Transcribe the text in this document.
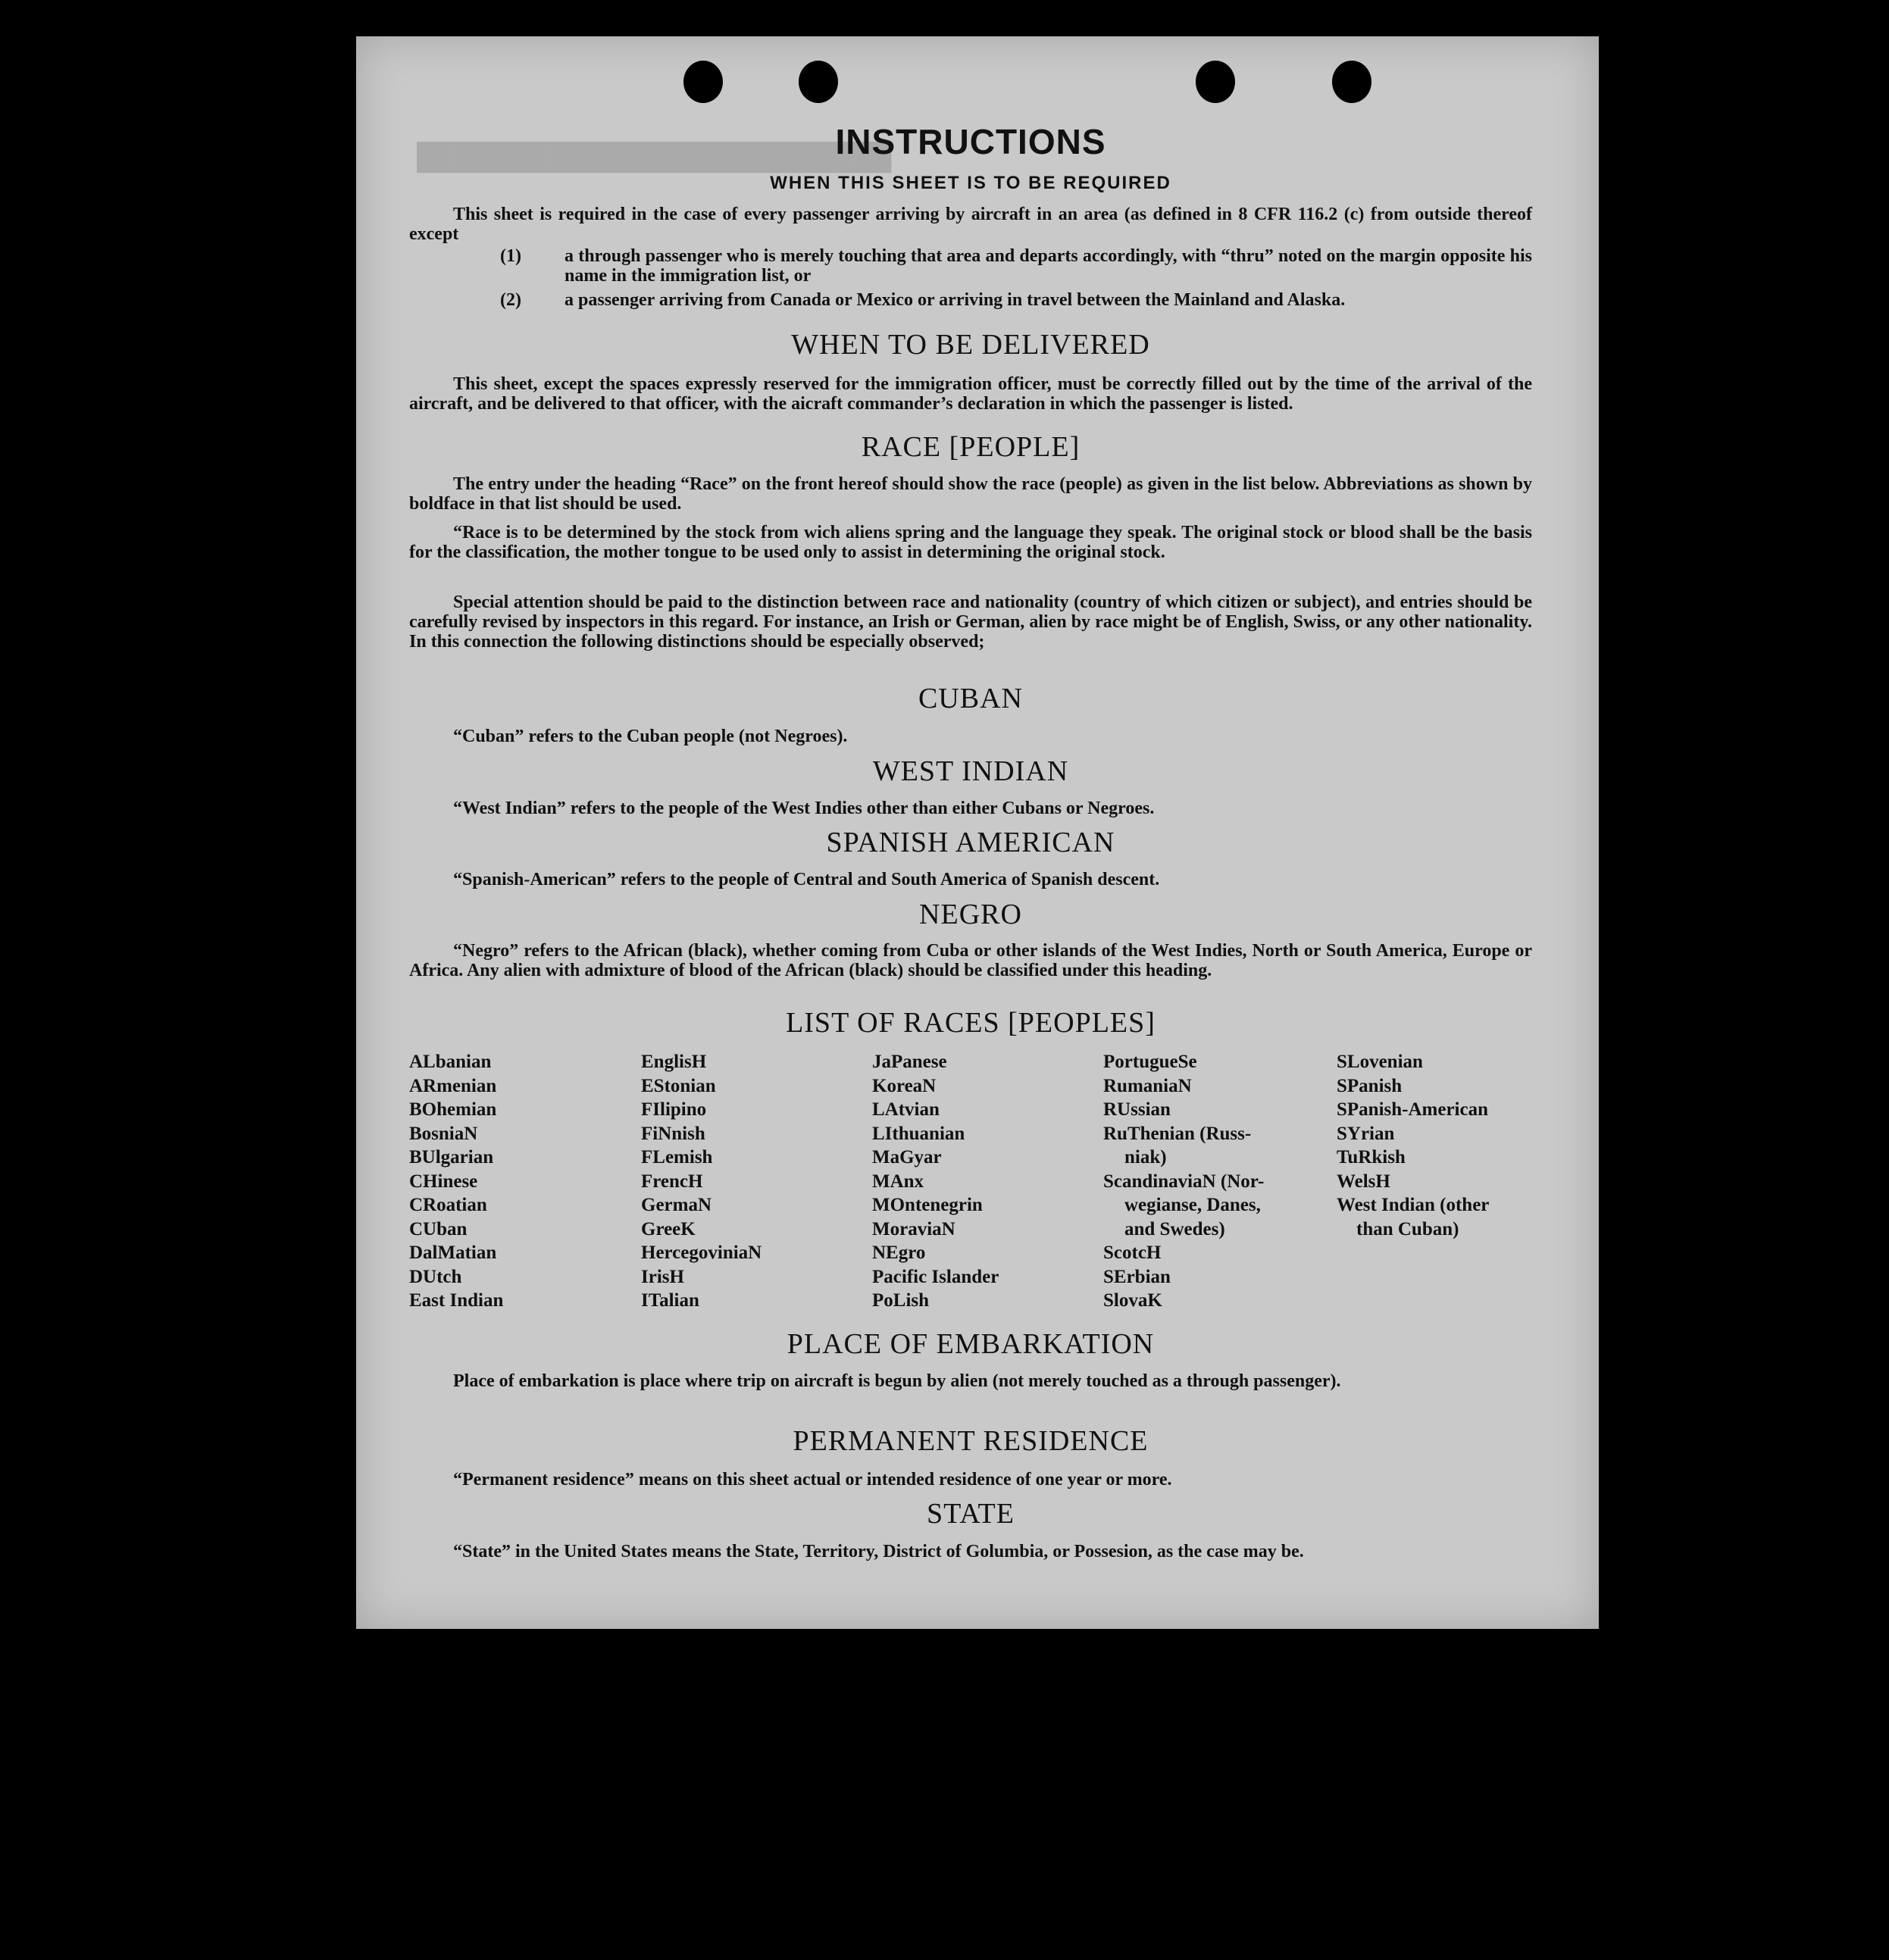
██████████████████████████
INSTRUCTIONS
WHEN THIS SHEET IS TO BE REQUIRED

This sheet is required in the case of every passenger arriving by aircraft in an area (as defined in 8 CFR 116.2 (c) from outside thereof except

(1) a through passenger who is merely touching that area and departs accordingly, with “thru” noted on the margin opposite his name in the immigration list, or
(2) a passenger arriving from Canada or Mexico or arriving in travel between the Mainland and Alaska.
WHEN TO BE DELIVERED

This sheet, except the spaces expressly reserved for the immigration officer, must be correctly filled out by the time of the arrival of the aircraft, and be delivered to that officer, with the aicraft commander’s declaration in which the passenger is listed.

RACE [PEOPLE]

The entry under the heading “Race” on the front hereof should show the race (people) as given in the list below. Abbreviations as shown by boldface in that list should be used.

“Race is to be determined by the stock from wich aliens spring and the language they speak. The original stock or blood shall be the basis for the classification, the mother tongue to be used only to assist in determining the original stock.

Special attention should be paid to the distinction between race and nationality (country of which citizen or subject), and entries should be carefully revised by inspectors in this regard. For instance, an Irish or German, alien by race might be of English, Swiss, or any other nationality. In this connection the following distinctions should be especially observed;

CUBAN

“Cuban” refers to the Cuban people (not Negroes).

WEST INDIAN

“West Indian” refers to the people of the West Indies other than either Cubans or Negroes.

SPANISH AMERICAN

“Spanish-American” refers to the people of Central and South America of Spanish descent.

NEGRO

“Negro” refers to the African (black), whether coming from Cuba or other islands of the West Indies, North or South America, Europe or Africa. Any alien with admixture of blood of the African (black) should be classified under this heading.

LIST OF RACES [PEOPLES]
ALbanian
ARmenian
BOhemian
BosniaN
BUlgarian
CHinese
CRoatian
CUban
DalMatian
DUtch
East Indian
EnglisH
EStonian
FIlipino
FiNnish
FLemish
FrencH
GermaN
GreeK
HercegoviniaN
IrisH
ITalian
JaPanese
KoreaN
LAtvian
LIthuanian
MaGyar
MAnx
MOntenegrin
MoraviaN
NEgro
Pacific Islander
PoLish
PortugueSe
RumaniaN
RUssian
RuThenian (Russ-
niak)
ScandinaviaN (Nor-
wegianse, Danes,
and Swedes)
ScotcH
SErbian
SlovaK
SLovenian
SPanish
SPanish-American
SYrian
TuRkish
WelsH
West Indian (other
than Cuban)
PLACE OF EMBARKATION

Place of embarkation is place where trip on aircraft is begun by alien (not merely touched as a through passenger).

PERMANENT RESIDENCE

“Permanent residence” means on this sheet actual or intended residence of one year or more.

STATE

“State” in the United States means the State, Territory, District of Golumbia, or Possesion, as the case may be.
